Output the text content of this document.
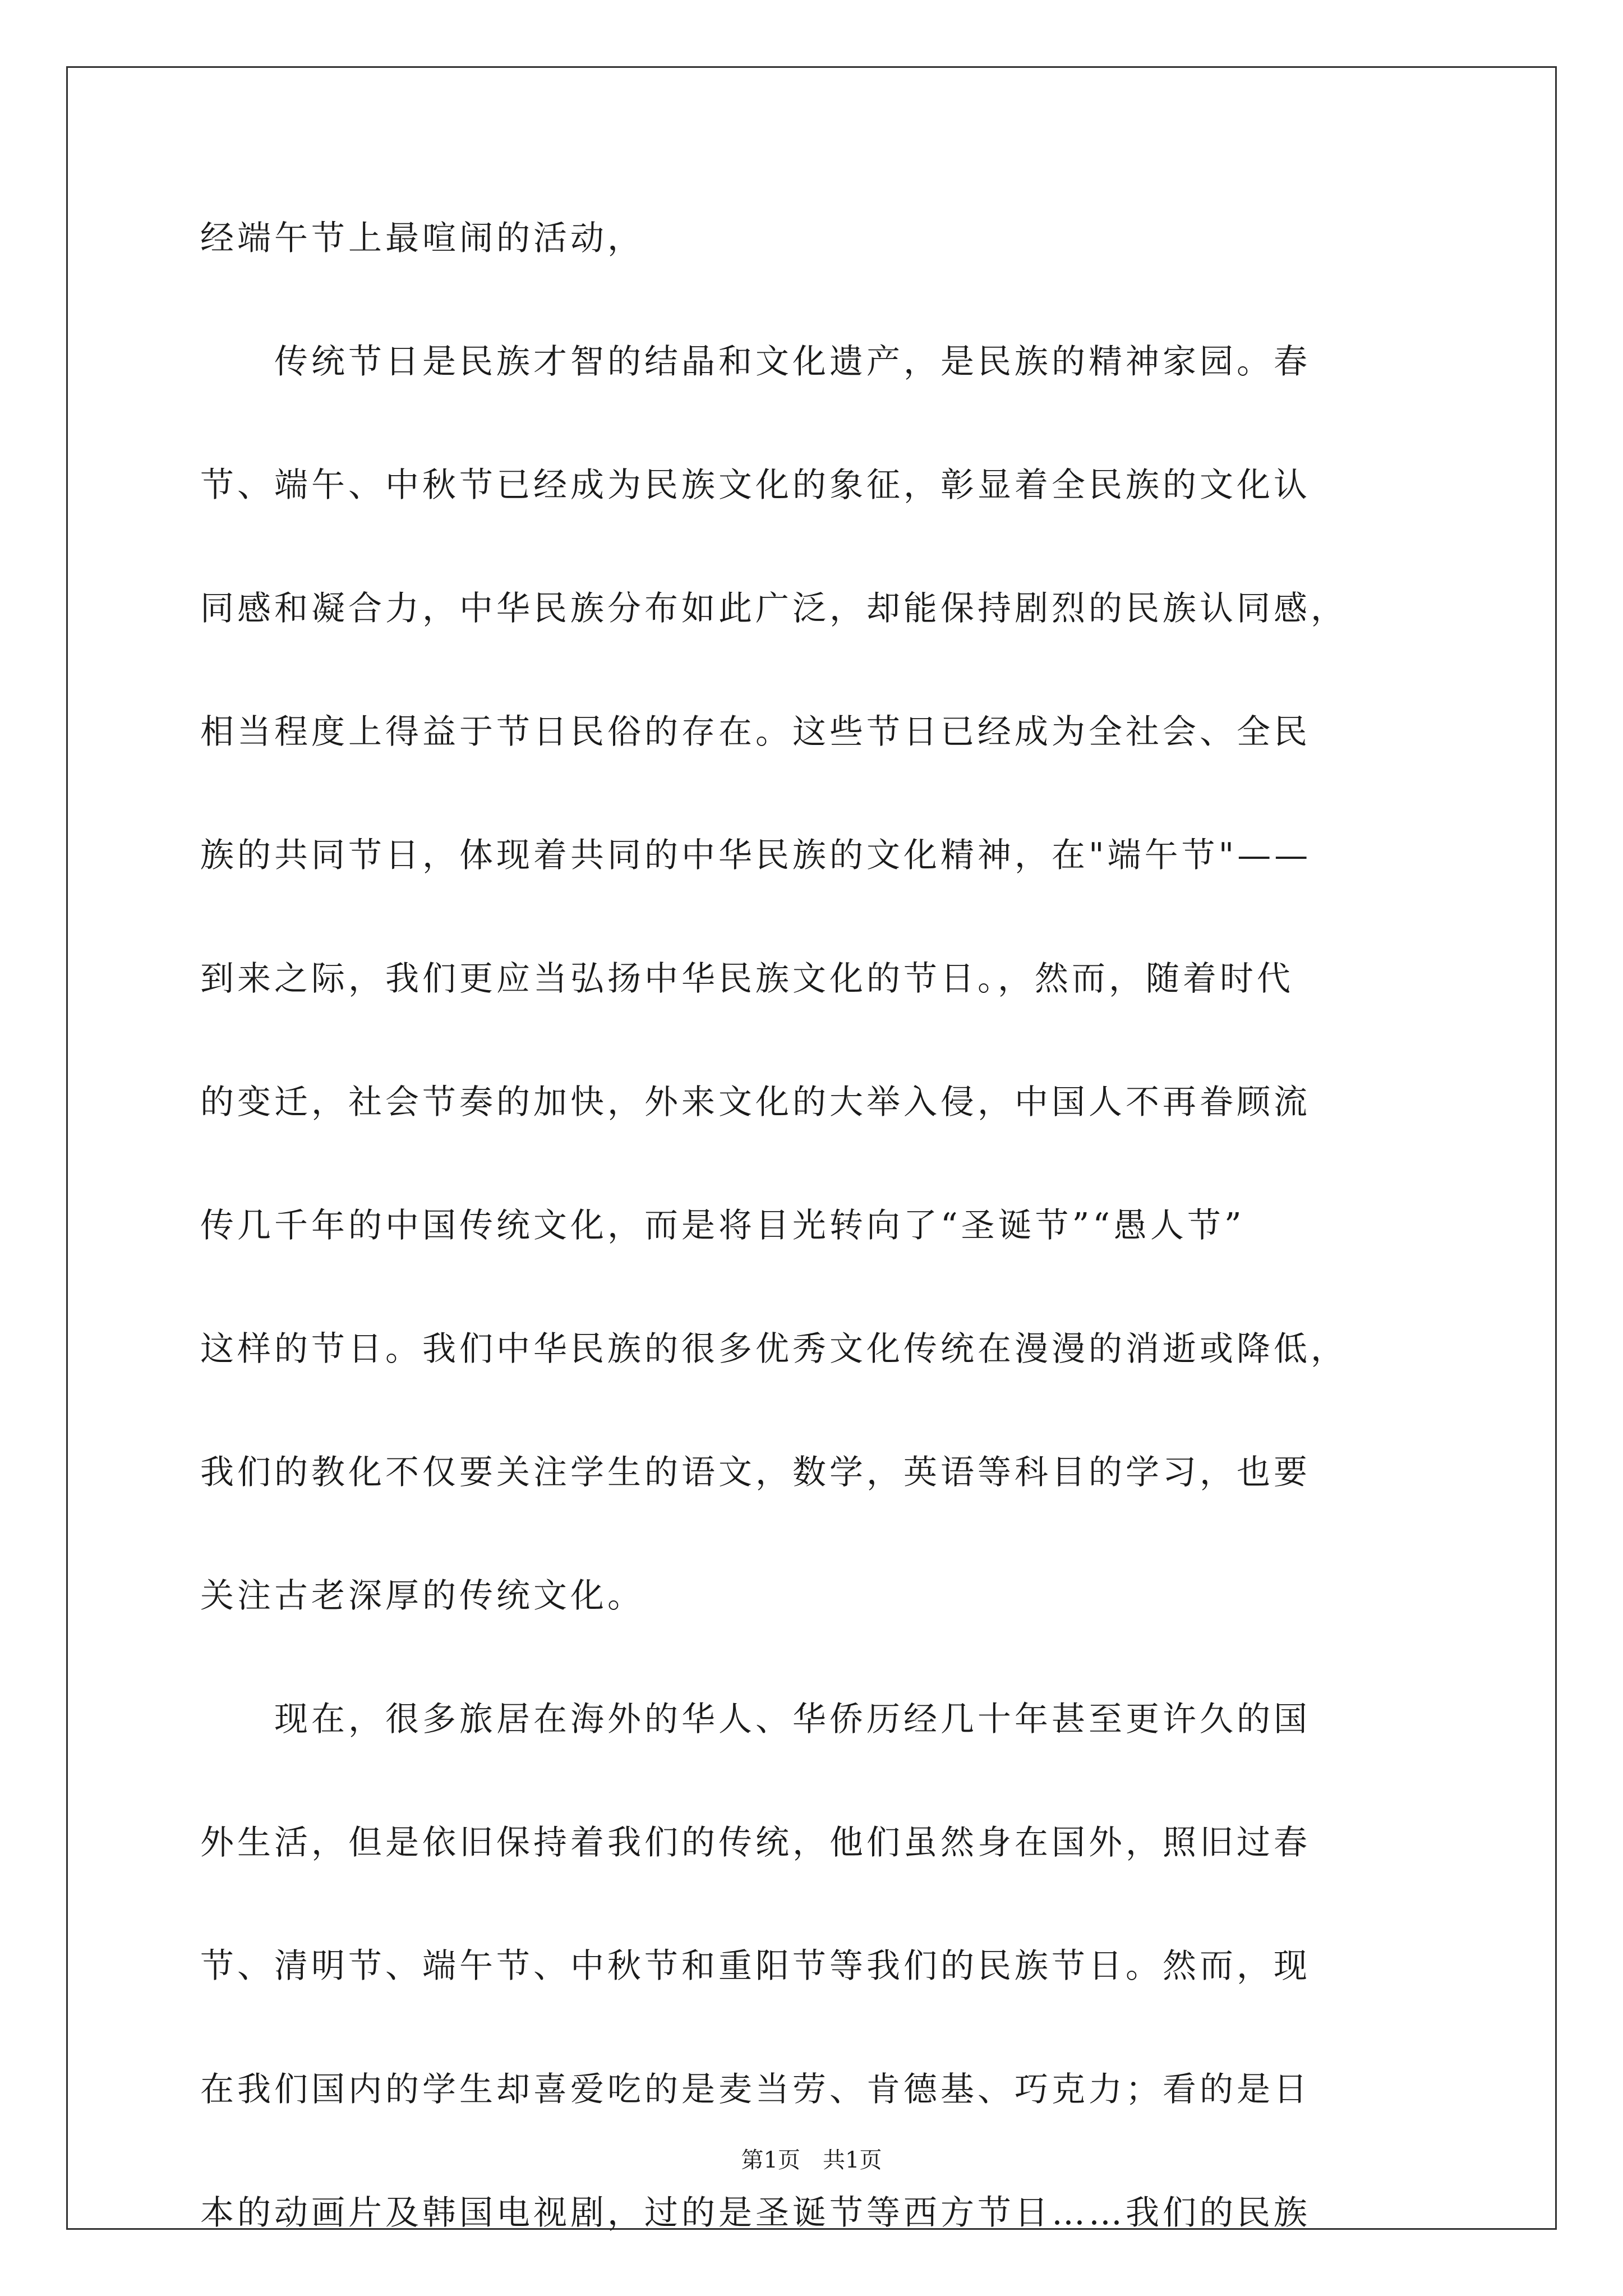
经端午节上最喧闹的活动，
　　传统节日是民族才智的结晶和文化遗产，是民族的精神家园。春
节、端午、中秋节已经成为民族文化的象征，彰显着全民族的文化认
同感和凝合力，中华民族分布如此广泛，却能保持剧烈的民族认同感，
相当程度上得益于节日民俗的存在。这些节日已经成为全社会、全民
族的共同节日，体现着共同的中华民族的文化精神，在"端午节"——
到来之际，我们更应当弘扬中华民族文化的节日。，然而，随着时代
的变迁，社会节奏的加快，外来文化的大举入侵，中国人不再眷顾流
传几千年的中国传统文化，而是将目光转向了“圣诞节”“愚人节”
这样的节日。我们中华民族的很多优秀文化传统在漫漫的消逝或降低，
我们的教化不仅要关注学生的语文，数学，英语等科目的学习，也要
关注古老深厚的传统文化。
　　现在，很多旅居在海外的华人、华侨历经几十年甚至更许久的国
外生活，但是依旧保持着我们的传统，他们虽然身在国外，照旧过春
节、清明节、端午节、中秋节和重阳节等我们的民族节日。然而，现
在我们国内的学生却喜爱吃的是麦当劳、肯德基、巧克力；看的是日
本的动画片及韩国电视剧，过的是圣诞节等西方节日……我们的民族
第1页　共1页
